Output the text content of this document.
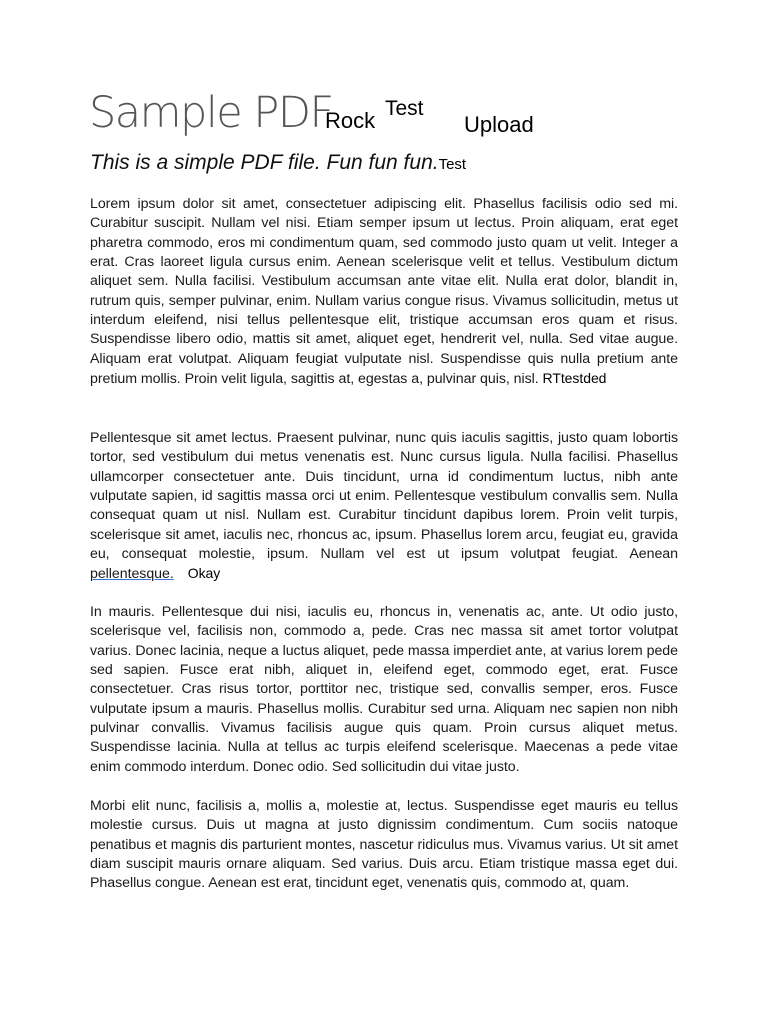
Sample PDF
Rock Test
Upload
This is a simple PDF file. Fun fun fun.Test

Lorem ipsum dolor sit amet, consectetuer adipiscing elit. Phasellus facilisis odio sed mi. Curabitur suscipit. Nullam vel nisi. Etiam semper ipsum ut lectus. Proin aliquam, erat eget pharetra commodo, eros mi condimentum quam, sed commodo justo quam ut velit. Integer a erat. Cras laoreet ligula cursus enim. Aenean scelerisque velit et tellus. Vestibulum dictum aliquet sem. Nulla facilisi. Vestibulum accumsan ante vitae elit. Nulla erat dolor, blandit in, rutrum quis, semper pulvinar, enim. Nullam varius congue risus. Vivamus sollicitudin, metus ut interdum eleifend, nisi tellus pellentesque elit, tristique accumsan eros quam et risus. Suspendisse libero odio, mattis sit amet, aliquet eget, hendrerit vel, nulla. Sed vitae augue. Aliquam erat volutpat. Aliquam feugiat vulputate nisl. Suspendisse quis nulla pretium ante pretium mollis. Proin velit ligula, sagittis at, egestas a, pulvinar quis, nisl. RTtestded

Pellentesque sit amet lectus. Praesent pulvinar, nunc quis iaculis sagittis, justo quam lobortis tortor, sed vestibulum dui metus venenatis est. Nunc cursus ligula. Nulla facilisi. Phasellus ullamcorper consectetuer ante. Duis tincidunt, urna id condimentum luctus, nibh ante vulputate sapien, id sagittis massa orci ut enim. Pellentesque vestibulum convallis sem. Nulla consequat quam ut nisl. Nullam est. Curabitur tincidunt dapibus lorem. Proin velit turpis, scelerisque sit amet, iaculis nec, rhoncus ac, ipsum. Phasellus lorem arcu, feugiat eu, gravida eu, consequat molestie, ipsum. Nullam vel est ut ipsum volutpat feugiat. Aenean pellentesque. Okay

In mauris. Pellentesque dui nisi, iaculis eu, rhoncus in, venenatis ac, ante. Ut odio justo, scelerisque vel, facilisis non, commodo a, pede. Cras nec massa sit amet tortor volutpat varius. Donec lacinia, neque a luctus aliquet, pede massa imperdiet ante, at varius lorem pede sed sapien. Fusce erat nibh, aliquet in, eleifend eget, commodo eget, erat. Fusce consectetuer. Cras risus tortor, porttitor nec, tristique sed, convallis semper, eros. Fusce vulputate ipsum a mauris. Phasellus mollis. Curabitur sed urna. Aliquam nec sapien non nibh pulvinar convallis. Vivamus facilisis augue quis quam. Proin cursus aliquet metus. Suspendisse lacinia. Nulla at tellus ac turpis eleifend scelerisque. Maecenas a pede vitae enim commodo interdum. Donec odio. Sed sollicitudin dui vitae justo.

Morbi elit nunc, facilisis a, mollis a, molestie at, lectus. Suspendisse eget mauris eu tellus molestie cursus. Duis ut magna at justo dignissim condimentum. Cum sociis natoque penatibus et magnis dis parturient montes, nascetur ridiculus mus. Vivamus varius. Ut sit amet diam suscipit mauris ornare aliquam. Sed varius. Duis arcu. Etiam tristique massa eget dui. Phasellus congue. Aenean est erat, tincidunt eget, venenatis quis, commodo at, quam.
